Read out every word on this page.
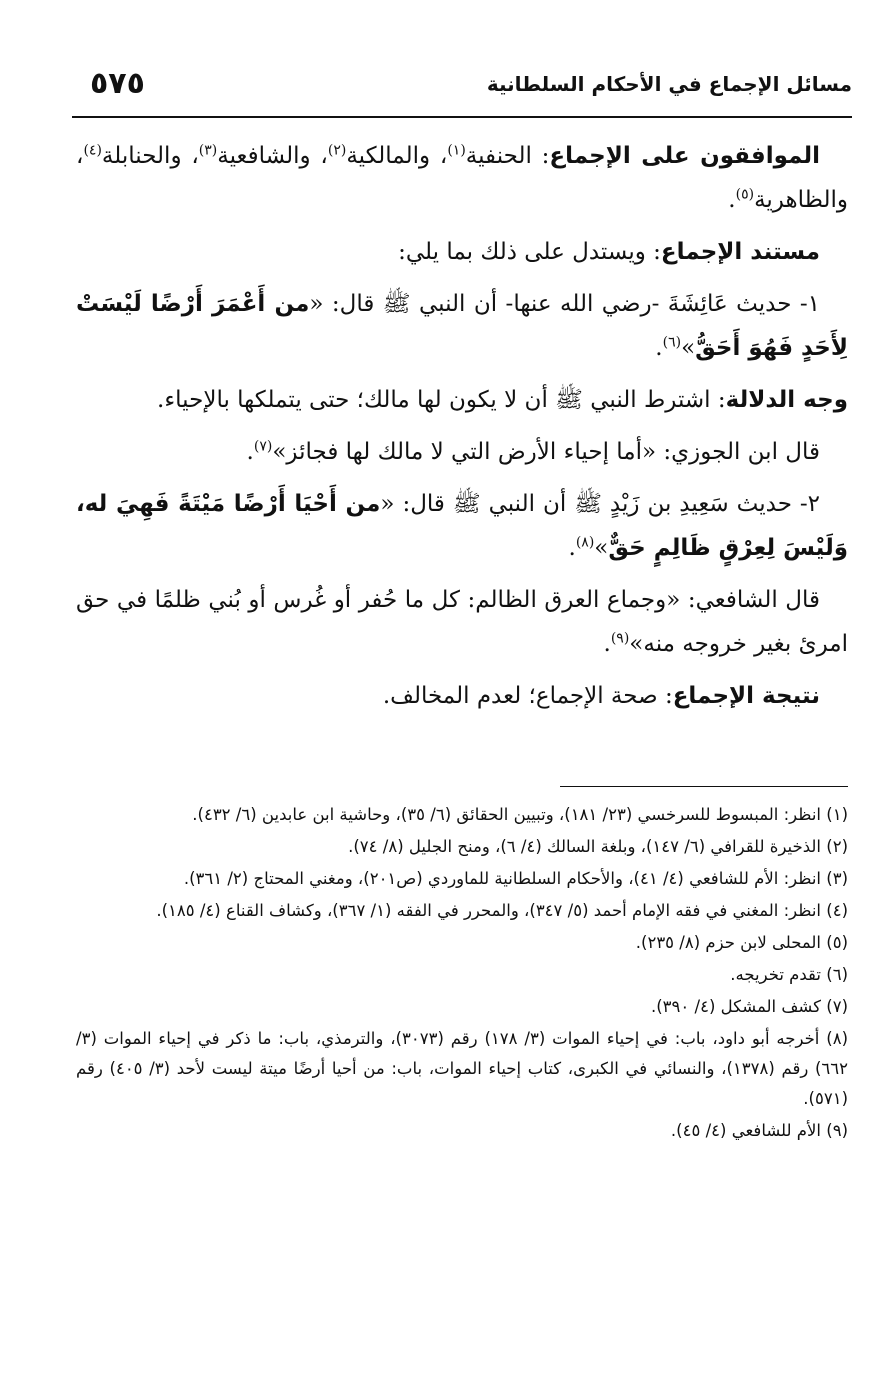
٥٧٥	مسائل الإجماع في الأحكام السلطانية

الموافقون على الإجماع: الحنفية$^{(١)}$، والمالكية$^{(٢)}$، والشافعية$^{(٣)}$، والحنابلة$^{(٤)}$، والظاهرية$^{(٥)}$.

مستند الإجماع: ويستدل على ذلك بما يلي:

١- حديث عَائِشَةَ -رضي الله عنها- أن النبي ﷺ قال: «من أَعْمَرَ أَرْضًا لَيْسَتْ لِأَحَدٍ فَهُوَ أَحَقُّ»$^{(٦)}$.

وجه الدلالة: اشترط النبي ﷺ أن لا يكون لها مالك؛ حتى يتملكها بالإحياء.

قال ابن الجوزي: «أما إحياء الأرض التي لا مالك لها فجائز»$^{(٧)}$.

٢- حديث سَعِيدِ بن زَيْدٍ ﷺ أن النبي ﷺ قال: «من أَحْيَا أَرْضًا مَيْتَةً فَهِيَ له، وَلَيْسَ لِعِرْقٍ ظَالِمٍ حَقٌّ»$^{(٨)}$.

قال الشافعي: «وجماع العرق الظالم: كل ما حُفر أو غُرس أو بُني ظلمًا في حق امرئ بغير خروجه منه»$^{(٩)}$.

نتيجة الإجماع: صحة الإجماع؛ لعدم المخالف.

(١) انظر: المبسوط للسرخسي (٢٣/ ١٨١)، وتبيين الحقائق (٦/ ٣٥)، وحاشية ابن عابدين (٦/ ٤٣٢).

(٢) الذخيرة للقرافي (٦/ ١٤٧)، وبلغة السالك (٤/ ٦)، ومنح الجليل (٨/ ٧٤).

(٣) انظر: الأم للشافعي (٤/ ٤١)، والأحكام السلطانية للماوردي (ص٢٠١)، ومغني المحتاج (٢/ ٣٦١).

(٤) انظر: المغني في فقه الإمام أحمد (٥/ ٣٤٧)، والمحرر في الفقه (١/ ٣٦٧)، وكشاف القناع (٤/ ١٨٥).

(٥) المحلى لابن حزم (٨/ ٢٣٥).

(٦) تقدم تخريجه.

(٧) كشف المشكل (٤/ ٣٩٠).

(٨) أخرجه أبو داود، باب: في إحياء الموات (٣/ ١٧٨) رقم (٣٠٧٣)، والترمذي، باب: ما ذكر في إحياء الموات (٣/ ٦٦٢) رقم (١٣٧٨)، والنسائي في الكبرى، كتاب إحياء الموات، باب: من أحيا أرضًا ميتة ليست لأحد (٣/ ٤٠٥) رقم (٥٧١).

(٩) الأم للشافعي (٤/ ٤٥).
